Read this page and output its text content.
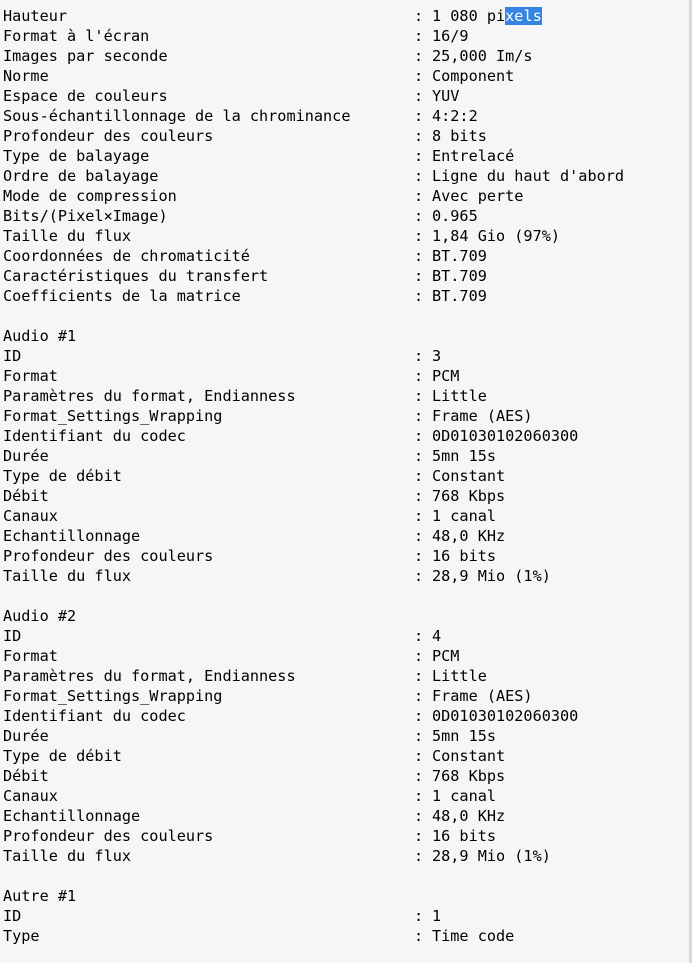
Hauteur	: 1 080 pixels
Format à l'écran	: 16/9
Images par seconde	: 25,000 Im/s
Norme	: Component
Espace de couleurs	: YUV
Sous-échantillonnage de la chrominance	: 4:2:2
Profondeur des couleurs	: 8 bits
Type de balayage	: Entrelacé
Ordre de balayage	: Ligne du haut d'abord
Mode de compression	: Avec perte
Bits/(Pixel×Image)	: 0.965
Taille du flux	: 1,84 Gio (97%)
Coordonnées de chromaticité	: BT.709
Caractéristiques du transfert	: BT.709
Coefficients de la matrice	: BT.709
Audio #1
ID	: 3
Format	: PCM
Paramètres du format, Endianness	: Little
Format_Settings_Wrapping	: Frame (AES)
Identifiant du codec	: 0D01030102060300
Durée	: 5mn 15s
Type de débit	: Constant
Débit	: 768 Kbps
Canaux	: 1 canal
Echantillonnage	: 48,0 KHz
Profondeur des couleurs	: 16 bits
Taille du flux	: 28,9 Mio (1%)
Audio #2
ID	: 4
Format	: PCM
Paramètres du format, Endianness	: Little
Format_Settings_Wrapping	: Frame (AES)
Identifiant du codec	: 0D01030102060300
Durée	: 5mn 15s
Type de débit	: Constant
Débit	: 768 Kbps
Canaux	: 1 canal
Echantillonnage	: 48,0 KHz
Profondeur des couleurs	: 16 bits
Taille du flux	: 28,9 Mio (1%)
Autre #1
ID	: 1
Type	: Time code
